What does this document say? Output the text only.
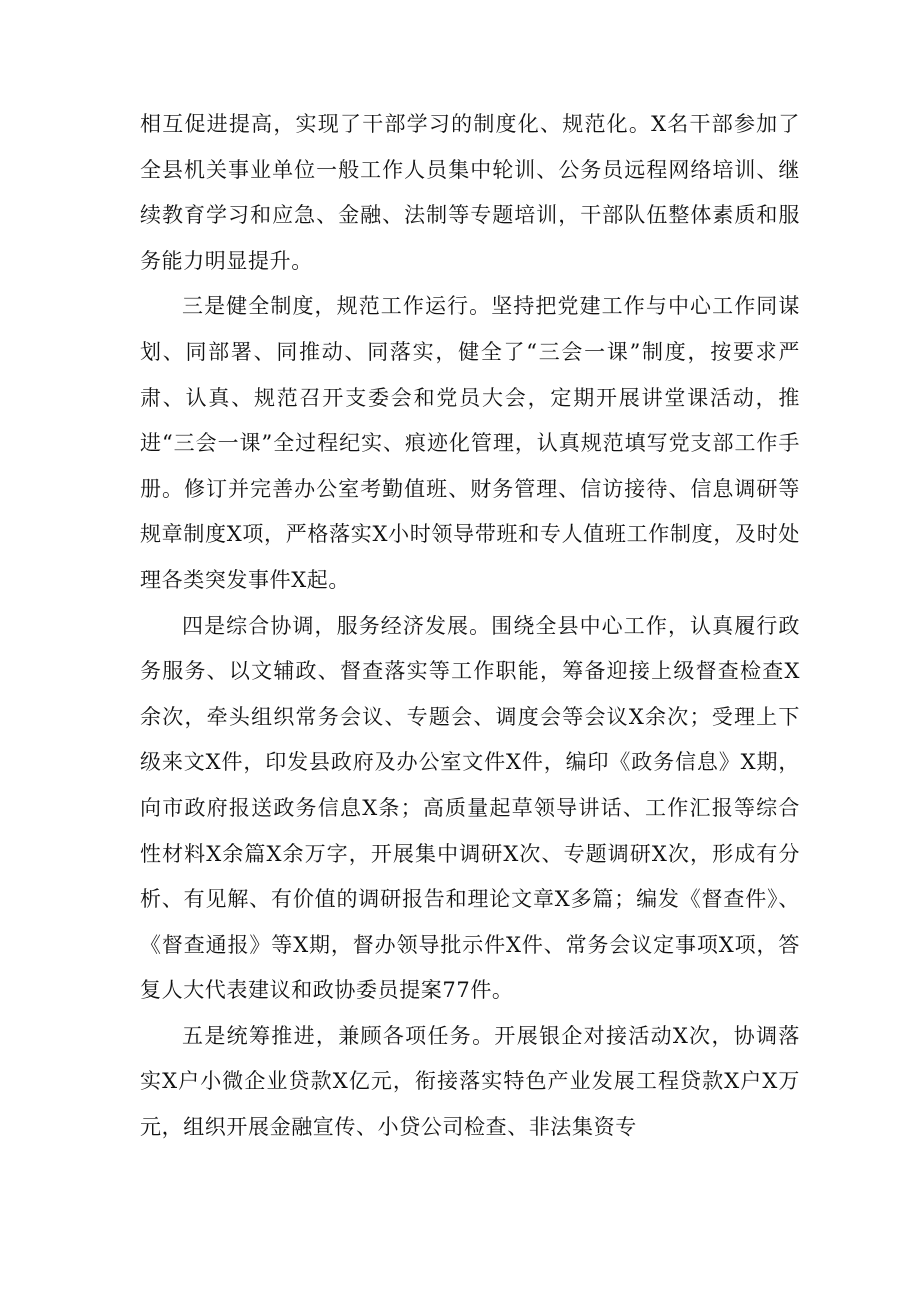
相互促进提高，实现了干部学习的制度化、规范化。X名干部参加了全县机关事业单位一般工作人员集中轮训、公务员远程网络培训、继续教育学习和应急、金融、法制等专题培训，干部队伍整体素质和服务能力明显提升。

三是健全制度，规范工作运行。坚持把党建工作与中心工作同谋划、同部署、同推动、同落实，健全了“三会一课”制度，按要求严肃、认真、规范召开支委会和党员大会，定期开展讲堂课活动，推进“三会一课”全过程纪实、痕迹化管理，认真规范填写党支部工作手册。修订并完善办公室考勤值班、财务管理、信访接待、信息调研等规章制度X项，严格落实X小时领导带班和专人值班工作制度，及时处理各类突发事件X起。

四是综合协调，服务经济发展。围绕全县中心工作，认真履行政务服务、以文辅政、督查落实等工作职能，筹备迎接上级督查检查X余次，牵头组织常务会议、专题会、调度会等会议X余次；受理上下级来文X件，印发县政府及办公室文件X件，编印《政务信息》X期，向市政府报送政务信息X条；高质量起草领导讲话、工作汇报等综合性材料X余篇X余万字，开展集中调研X次、专题调研X次，形成有分析、有见解、有价值的调研报告和理论文章X多篇；编发《督查件》、《督查通报》等X期，督办领导批示件X件、常务会议定事项X项，答复人大代表建议和政协委员提案77件。

五是统筹推进，兼顾各项任务。开展银企对接活动X次，协调落实X户小微企业贷款X亿元，衔接落实特色产业发展工程贷款X户X万元，组织开展金融宣传、小贷公司检查、非法集资专
